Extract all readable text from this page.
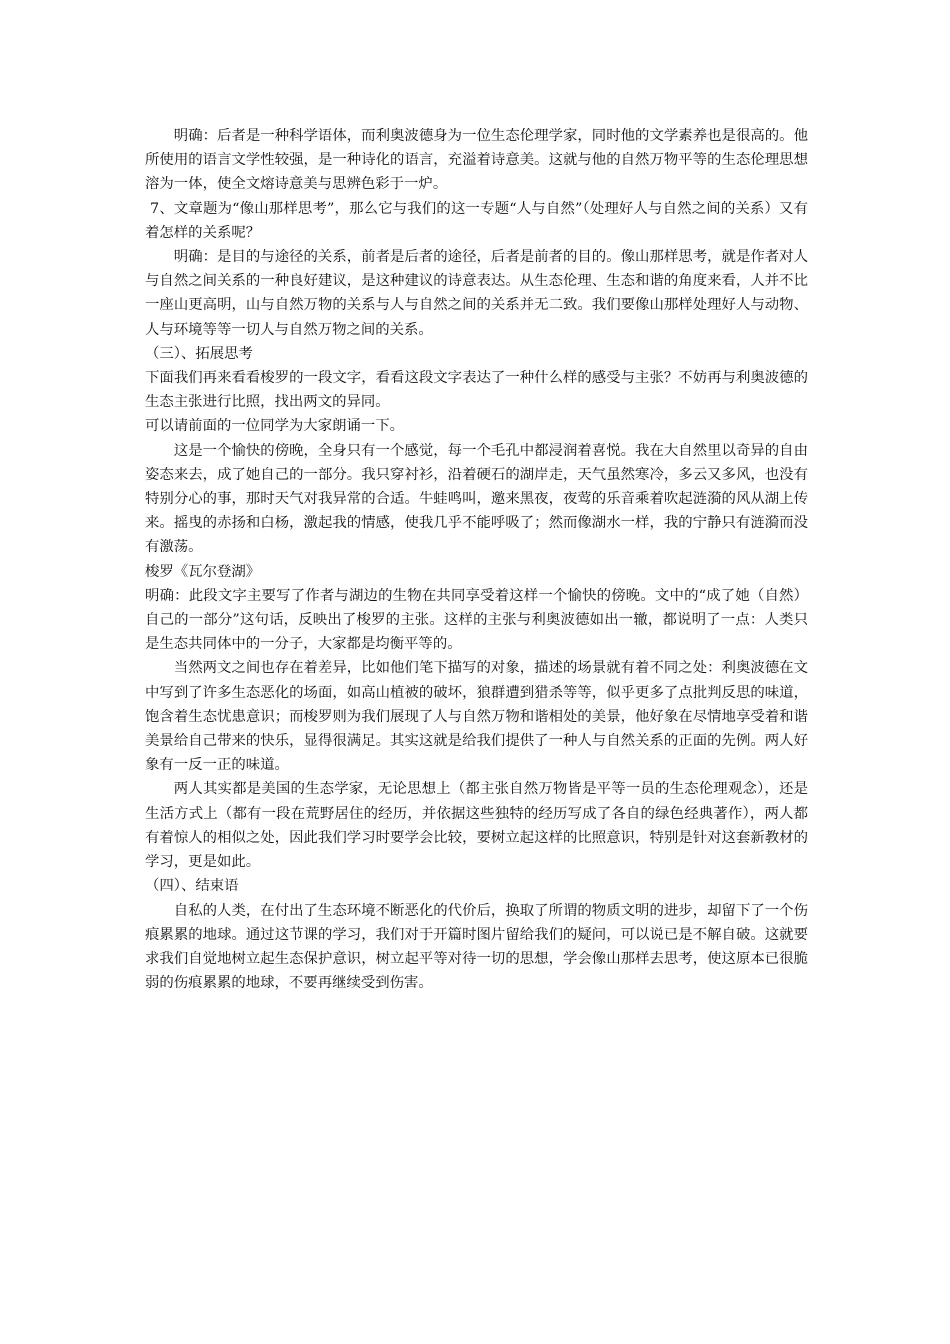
明确：后者是一种科学语体，而利奥波德身为一位生态伦理学家，同时他的文学素养也是很高的。他所使用的语言文学性较强，是一种诗化的语言，充溢着诗意美。这就与他的自然万物平等的生态伦理思想溶为一体，使全文熔诗意美与思辨色彩于一炉。

7、文章题为“像山那样思考”，那么它与我们的这一专题“人与自然”（处理好人与自然之间的关系）又有着怎样的关系呢？

明确：是目的与途径的关系，前者是后者的途径，后者是前者的目的。像山那样思考，就是作者对人与自然之间关系的一种良好建议，是这种建议的诗意表达。从生态伦理、生态和谐的角度来看，人并不比一座山更高明，山与自然万物的关系与人与自然之间的关系并无二致。我们要像山那样处理好人与动物、人与环境等等一切人与自然万物之间的关系。

（三）、拓展思考

下面我们再来看看梭罗的一段文字，看看这段文字表达了一种什么样的感受与主张？不妨再与利奥波德的生态主张进行比照，找出两文的异同。

可以请前面的一位同学为大家朗诵一下。

这是一个愉快的傍晚，全身只有一个感觉，每一个毛孔中都浸润着喜悦。我在大自然里以奇异的自由姿态来去，成了她自己的一部分。我只穿衬衫，沿着硬石的湖岸走，天气虽然寒冷，多云又多风，也没有特别分心的事，那时天气对我异常的合适。牛蛙鸣叫，邀来黑夜，夜莺的乐音乘着吹起涟漪的风从湖上传来。摇曳的赤扬和白杨，激起我的情感，使我几乎不能呼吸了；然而像湖水一样，我的宁静只有涟漪而没有激荡。

梭罗《瓦尔登湖》

明确：此段文字主要写了作者与湖边的生物在共同享受着这样一个愉快的傍晚。文中的“成了她（自然）自己的一部分”这句话，反映出了梭罗的主张。这样的主张与利奥波德如出一辙，都说明了一点：人类只是生态共同体中的一分子，大家都是均衡平等的。

当然两文之间也存在着差异，比如他们笔下描写的对象，描述的场景就有着不同之处：利奥波德在文中写到了许多生态恶化的场面，如高山植被的破坏，狼群遭到猎杀等等，似乎更多了点批判反思的味道，饱含着生态忧患意识；而梭罗则为我们展现了人与自然万物和谐相处的美景，他好象在尽情地享受着和谐美景给自己带来的快乐，显得很满足。其实这就是给我们提供了一种人与自然关系的正面的先例。两人好象有一反一正的味道。

两人其实都是美国的生态学家，无论思想上（都主张自然万物皆是平等一员的生态伦理观念），还是生活方式上（都有一段在荒野居住的经历，并依据这些独特的经历写成了各自的绿色经典著作），两人都有着惊人的相似之处，因此我们学习时要学会比较，要树立起这样的比照意识，特别是针对这套新教材的学习，更是如此。

（四）、结束语

自私的人类，在付出了生态环境不断恶化的代价后，换取了所谓的物质文明的进步，却留下了一个伤痕累累的地球。通过这节课的学习，我们对于开篇时图片留给我们的疑问，可以说已是不解自破。这就要求我们自觉地树立起生态保护意识，树立起平等对待一切的思想，学会像山那样去思考，使这原本已很脆弱的伤痕累累的地球，不要再继续受到伤害。
